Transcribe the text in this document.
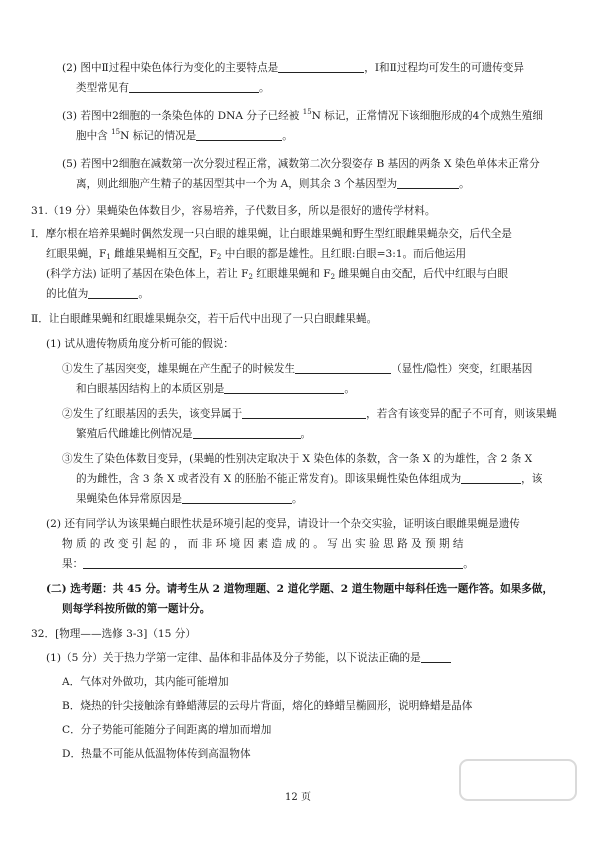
(2) 图中Ⅱ过程中染色体行为变化的主要特点是	，Ⅰ和Ⅱ过程均可发生的可遗传变异
类型常见有	。
(3) 若图中2细胞的一条染色体的 DNA 分子已经被 $^{15}$N 标记，正常情况下该细胞形成的4个成熟生殖细
胞中含 $^{15}$N 标记的情况是	。
(5) 若图中2细胞在减数第一次分裂过程正常，减数第二次分裂姿存 B 基因的两条 X 染色单体未正常分
离，则此细胞产生精子的基因型其中一个为 A，则其余 3 个基因型为	。
31.（19 分）果蝇染色体数目少，容易培养，子代数目多，所以是很好的遗传学材料。
Ⅰ．摩尔根在培养果蝇时偶然发现一只白眼的雄果蝇，让白眼雄果蝇和野生型红眼雌果蝇杂交，后代全是
红眼果蝇，$F_1$ 雌雄果蝇相互交配，$F_2$ 中白眼的都是雄性。且红眼:白眼=3:1。而后他运用
(科学方法) 证明了基因在染色体上，若让 $F_2$ 红眼雄果蝇和 $F_2$ 雌果蝇自由交配，后代中红眼与白眼
的比值为	。
Ⅱ．让白眼雌果蝇和红眼雄果蝇杂交，若干后代中出现了一只白眼雌果蝇。
(1) 试从遗传物质角度分析可能的假说：
①发生了基因突变，雄果蝇在产生配子的时候发生	（显性/隐性）突变，红眼基因
和白眼基因结构上的本质区别是	。
②发生了红眼基因的丢失，该变异属于	，若含有该变异的配子不可育，则该果蝇
繁殖后代雌雄比例情况是	。
③发生了染色体数目变异，(果蝇的性别决定取决于 X 染色体的条数，含一条 X 的为雄性，含 2 条 X
的为雌性，含 3 条 X 或者没有 X 的胚胎不能正常发育)。即该果蝇性染色体组成为	，该
果蝇染色体异常原因是	。
(2) 还有同学认为该果蝇白眼性状是环境引起的变异，请设计一个杂交实验，证明该白眼雌果蝇是遗传
物 质 的 改 变 引 起 的 ， 而 非 环 境 因 素 造 成 的 。 写 出 实 验 思 路 及 预 期 结
果：	。
(二) 选考题：共 45 分。请考生从 2 道物理题、2 道化学题、2 道生物题中每科任选一题作答。如果多做，
则每学科按所做的第一题计分。
32．[物理——选修 3-3]（15 分）
(1)（5 分）关于热力学第一定律、晶体和非晶体及分子势能，以下说法正确的是
A．气体对外做功，其内能可能增加
B．烧热的针尖接触涂有蜂蜡薄层的云母片背面，熔化的蜂蜡呈椭圆形，说明蜂蜡是晶体
C．分子势能可能随分子间距离的增加而增加
D．热量不可能从低温物体传到高温物体
12 页
